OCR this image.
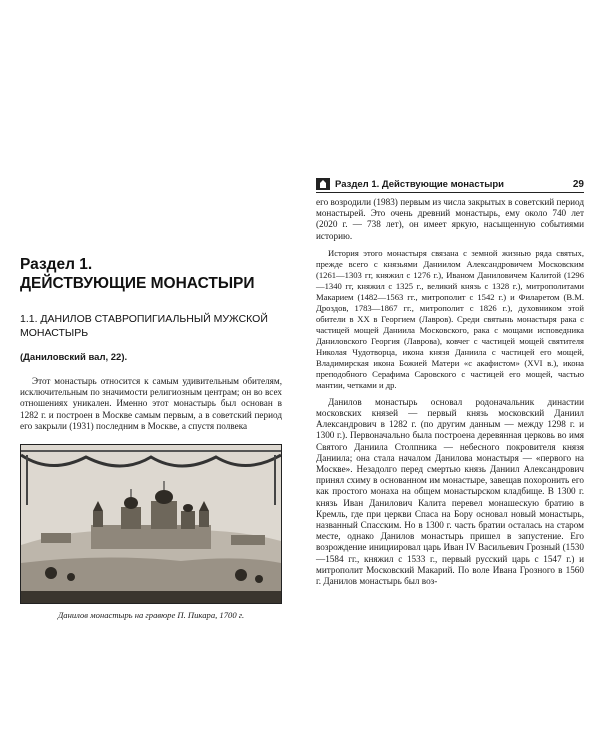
Раздел 1.
ДЕЙСТВУЮЩИЕ МОНАСТЫРИ
1.1. ДАНИЛОВ СТАВРОПИГИАЛЬНЫЙ МУЖСКОЙ МОНАСТЫРЬ
(Даниловский вал, 22).

Этот монастырь относится к самым удивительным обителям, исключительным по значимости религиозным центрам; он во всех отношениях уникален. Именно этот монастырь был основан в 1282 г. и построен в Москве самым первым, а в советский период его закрыли (1931) последним в Москве, а спустя полвека

Данилов монастырь на гравюре П. Пикара, 1700 г.
Раздел 1. Действующие монастыри	29

его возродили (1983) первым из числа закрытых в советский период монастырей. Это очень древний монастырь, ему около 740 лет (2020 г. — 738 лет), он имеет яркую, насыщенную событиями историю.

История этого монастыря связана с земной жизнью ряда святых, прежде всего с князьями Даниилом Александровичем Московским (1261—1303 гг, княжил с 1276 г.), Иваном Даниловичем Калитой (1296—1340 гг, княжил с 1325 г., великий князь с 1328 г.), митрополитами Макарием (1482—1563 гг., митрополит с 1542 г.) и Филаретом (В.М. Дроздов, 1783—1867 гг., митрополит с 1826 г.), духовником этой обители в XX в Георгием (Лавров). Среди святынь монастыря рака с частицей мощей Даниила Московского, рака с мощами исповедника Даниловского Георгия (Лаврова), ковчег с частицей мощей святителя Николая Чудотворца, икона князя Даниила с частицей его мощей, Владимирская икона Божией Матери «с акафистом» (XVI в.), икона преподобного Серафима Саровского с частицей его мощей, частью мантии, четками и др.

Данилов монастырь основал родоначальник династии московских князей — первый князь московский Даниил Александрович в 1282 г. (по другим данным — между 1298 г. и 1300 г.). Первоначально была построена деревянная церковь во имя Святого Даниила Столпника — небесного покровителя князя Даниила; она стала началом Данилова монастыря — «первого на Москве». Незадолго перед смертью князь Даниил Александрович принял схиму в основанном им монастыре, завещав похоронить его как простого монаха на общем монастырском кладбище. В 1300 г. князь Иван Данилович Калита перевел монашескую братию в Кремль, где при церкви Спаса на Бору основал новый монастырь, названный Спасским. Но в 1300 г. часть братии осталась на старом месте, однако Данилов монастырь пришел в запустение. Его возрождение инициировал царь Иван IV Васильевич Грозный (1530—1584 гг., княжил с 1533 г., первый русский царь с 1547 г.) и митрополит Московский Макарий. По воле Ивана Грозного в 1560 г. Данилов монастырь был воз-
